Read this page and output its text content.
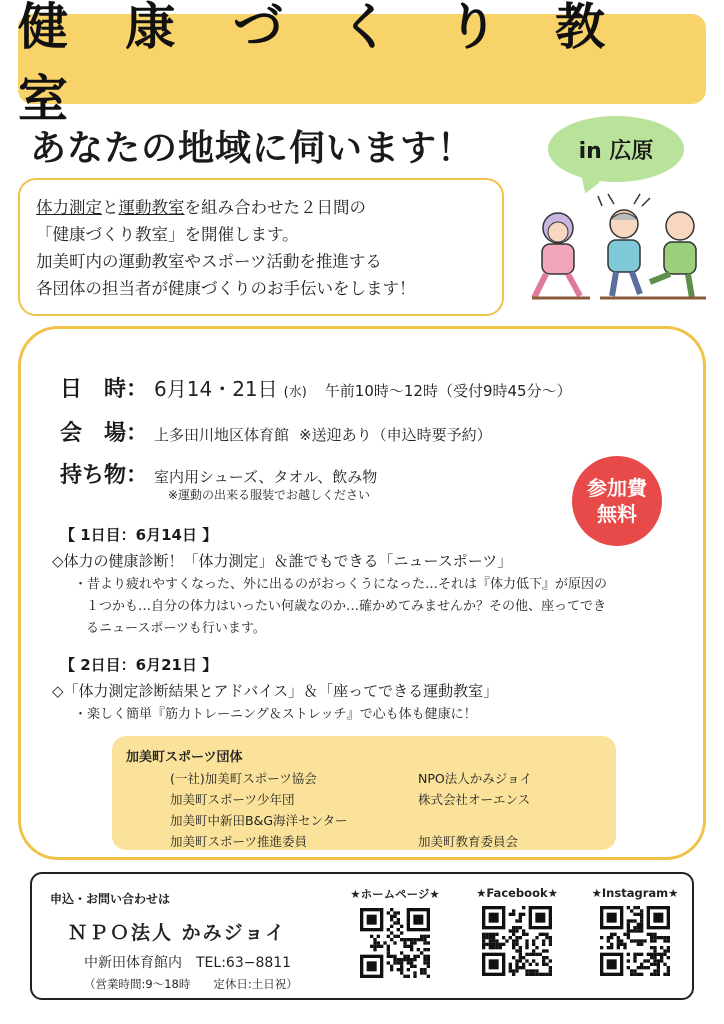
健 康 づ く り 教 室
あなたの地域に伺います！	in 広原
体力測定と運動教室を組み合わせた２日間の
「健康づくり教室」を開催します。
加美町内の運動教室やスポーツ活動を推進する
各団体の担当者が健康づくりのお手伝いをします！
日　時： 6月14・21日 (水) 午前10時〜12時（受付9時45分〜）
会　場： 上多田川地区体育館 ※送迎あり（申込時要予約）
持ち物： 室内用シューズ、タオル、飲み物
※運動の出来る服装でお越しください	参加費
無料
【 1日目：6月14日 】
◇体力の健康診断！「体力測定」＆誰でもできる「ニュースポーツ」
・昔より疲れやすくなった、外に出るのがおっくうになった…それは『体力低下』が原因の
１つかも…自分の体力はいったい何歳なのか…確かめてみませんか？その他、座ってでき
るニュースポーツも行います。
【 2日目：6月21日 】
◇「体力測定診断結果とアドバイス」＆「座ってできる運動教室」
・楽しく簡単『筋力トレーニング＆ストレッチ』で心も体も健康に！
加美町スポーツ団体
(一社)加美町スポーツ協会	NPO法人かみジョイ
加美町スポーツ少年団	株式会社オーエンス
加美町中新田B&G海洋センター
加美町スポーツ推進委員	加美町教育委員会
申込・お問い合わせは
ＮＰＯ法人 かみジョイ
中新田体育館内　TEL:63−8811
（営業時間:9〜18時　　定休日:土日祝）
★ホームページ★	★Facebook★	★Instagram★
